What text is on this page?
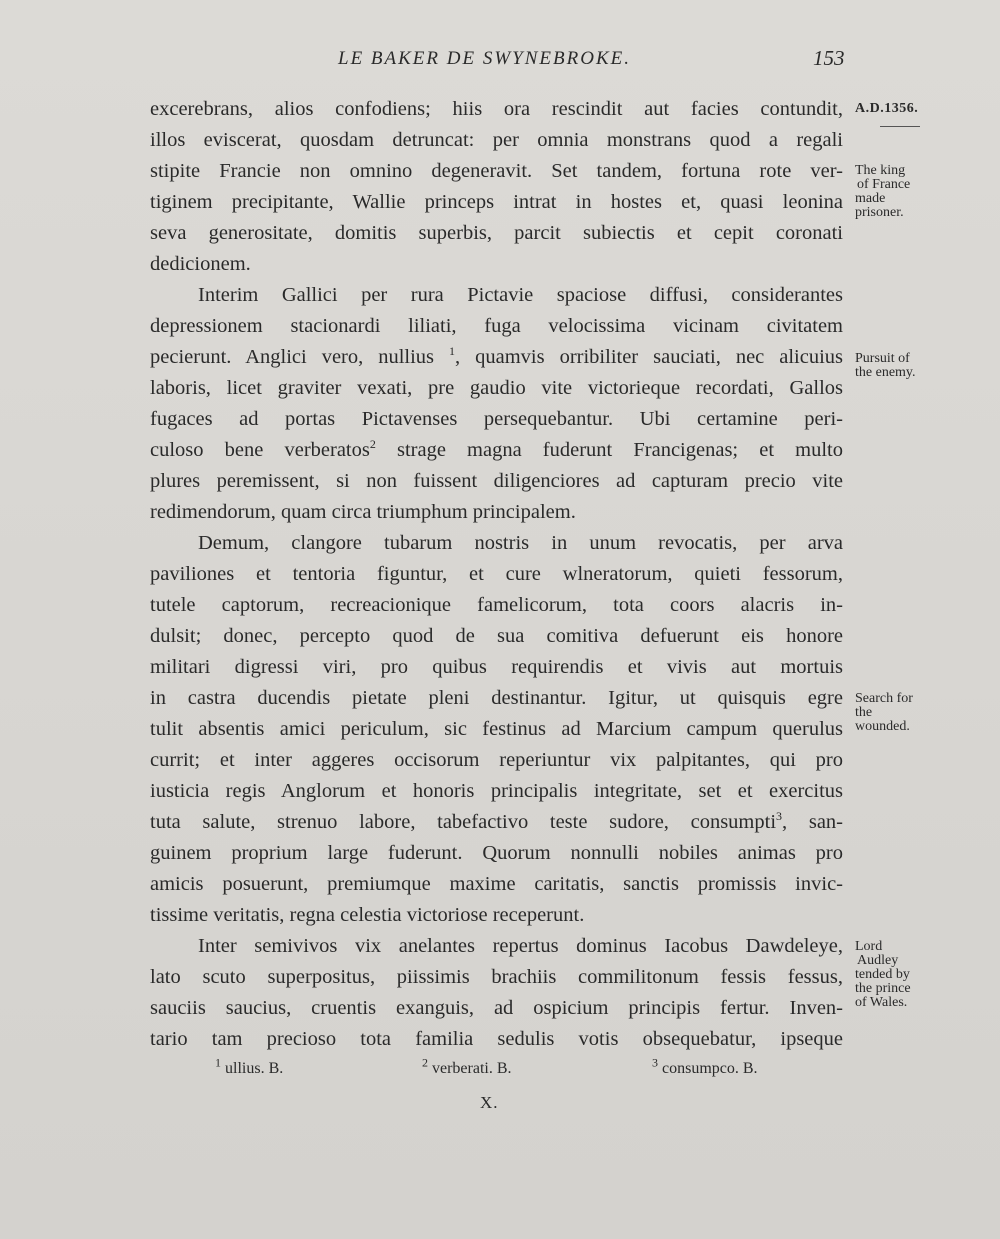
LE BAKER DE SWYNEBROKE.	153
excerebrans, alios confodiens; hiis ora rescindit aut facies contundit,
illos eviscerat, quosdam detruncat: per omnia monstrans quod a regali
stipite Francie non omnino degeneravit. Set tandem, fortuna rote ver-
tiginem precipitante, Wallie princeps intrat in hostes et, quasi leonina
seva generositate, domitis superbis, parcit subiectis et cepit coronati
dedicionem.
Interim Gallici per rura Pictavie spaciose diffusi, considerantes
depressionem stacionardi liliati, fuga velocissima vicinam civitatem
pecierunt. Anglici vero, nullius $^1$, quamvis orribiliter sauciati, nec alicuius
laboris, licet graviter vexati, pre gaudio vite victorieque recordati, Gallos
fugaces ad portas Pictavenses persequebantur. Ubi certamine peri-
culoso bene verberatos$^2$ strage magna fuderunt Francigenas; et multo
plures peremissent, si non fuissent diligenciores ad capturam precio vite
redimendorum, quam circa triumphum principalem.
Demum, clangore tubarum nostris in unum revocatis, per arva
paviliones et tentoria figuntur, et cure wlneratorum, quieti fessorum,
tutele captorum, recreacionique famelicorum, tota coors alacris in-
dulsit; donec, percepto quod de sua comitiva defuerunt eis honore
militari digressi viri, pro quibus requirendis et vivis aut mortuis
in castra ducendis pietate pleni destinantur. Igitur, ut quisquis egre
tulit absentis amici periculum, sic festinus ad Marcium campum querulus
currit; et inter aggeres occisorum reperiuntur vix palpitantes, qui pro
iusticia regis Anglorum et honoris principalis integritate, set et exercitus
tuta salute, strenuo labore, tabefactivo teste sudore, consumpti$^3$, san-
guinem proprium large fuderunt. Quorum nonnulli nobiles animas pro
amicis posuerunt, premiumque maxime caritatis, sanctis promissis invic-
tissime veritatis, regna celestia victoriose receperunt.
Inter semivivos vix anelantes repertus dominus Iacobus Dawdeleye,
lato scuto superpositus, piissimis brachiis commilitonum fessis fessus,
sauciis saucius, cruentis exanguis, ad ospicium principis fertur. Inven-
tario tam precioso tota familia sedulis votis obsequebatur, ipseque
A.D.1356.
The king
of France
made
prisoner.
Pursuit of
the enemy.
Search for
the
wounded.
Lord
Audley
tended by
the prince
of Wales.
$^1$ ullius. B.	$^2$ verberati. B.	$^3$ consumpco. B.
X.
